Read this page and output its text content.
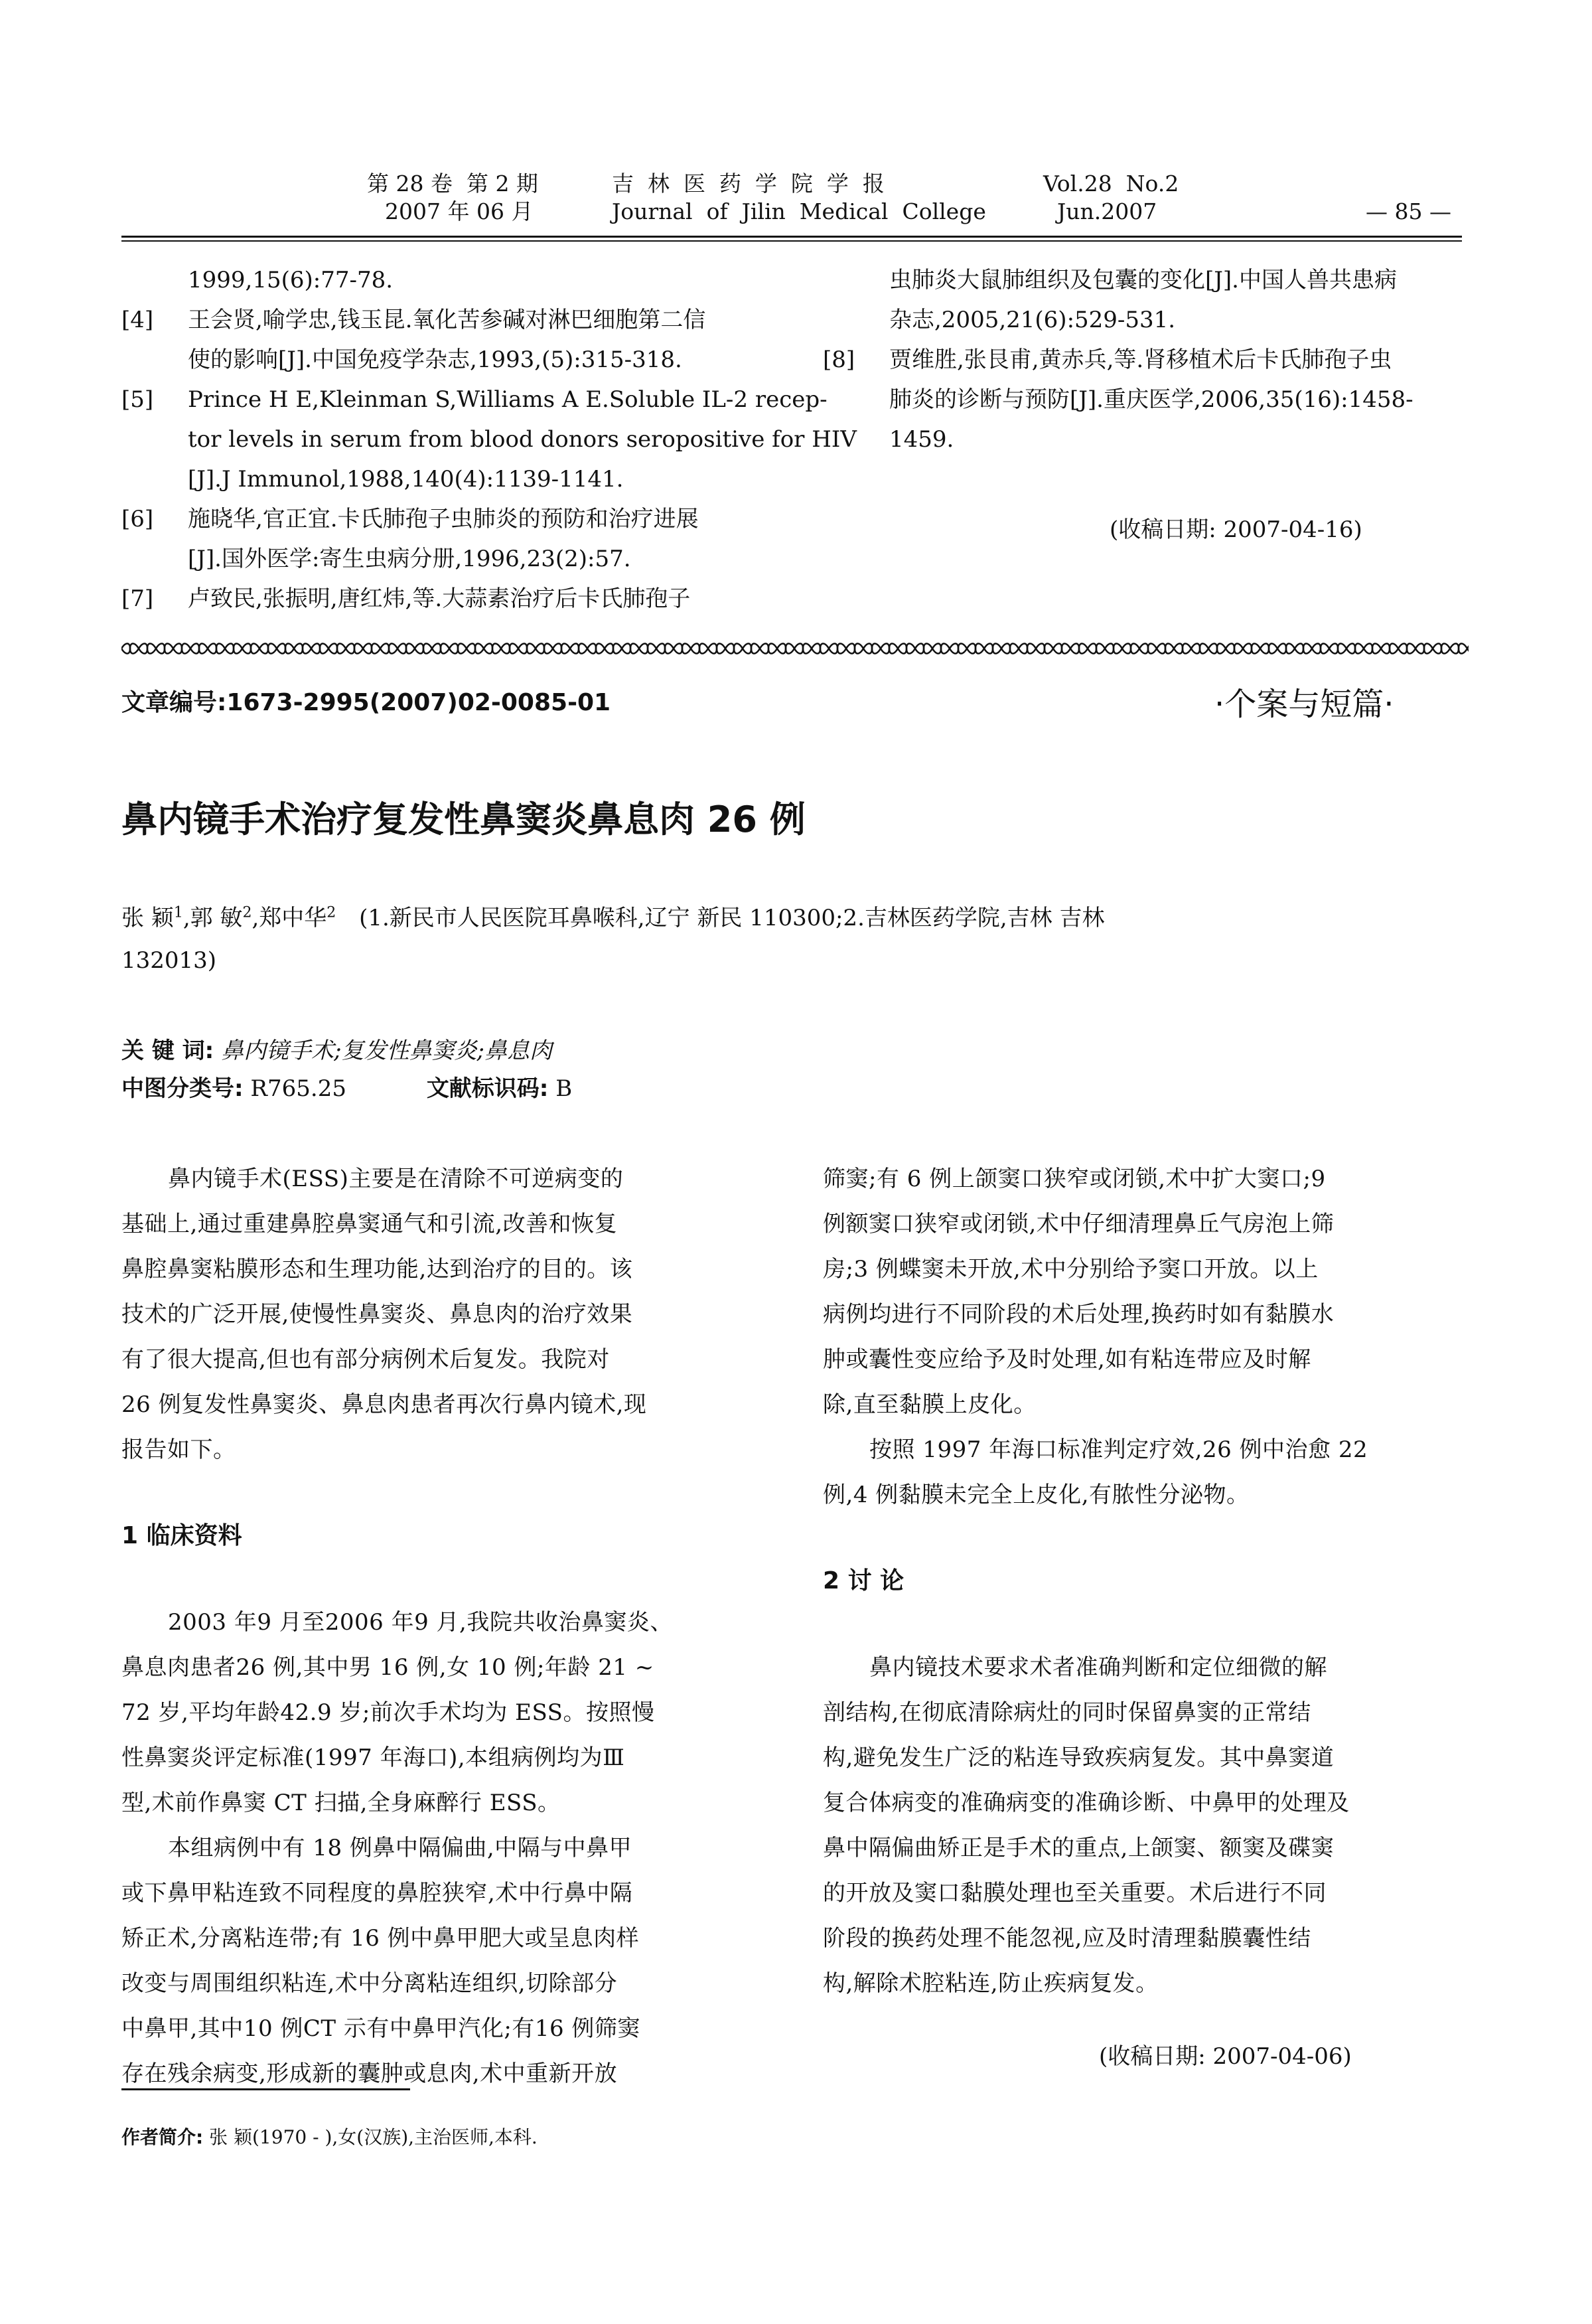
第 28 卷  第 2 期
2007 年 06 月
吉  林  医  药  学  院  学  报
Journal  of  Jilin  Medical  College
Vol.28  No.2
Jun.2007	— 85 —
1999,15(6):77-78.
[4] 王会贤,喻学忠,钱玉昆.氧化苦参碱对淋巴细胞第二信
使的影响[J].中国免疫学杂志,1993,(5):315-318.
[5] Prince H E,Kleinman S,Williams A E.Soluble IL-2 recep-
tor levels in serum from blood donors seropositive for HIV
[J].J Immunol,1988,140(4):1139-1141.
[6] 施晓华,官正宜.卡氏肺孢子虫肺炎的预防和治疗进展
[J].国外医学:寄生虫病分册,1996,23(2):57.
[7] 卢致民,张振明,唐红炜,等.大蒜素治疗后卡氏肺孢子
虫肺炎大鼠肺组织及包囊的变化[J].中国人兽共患病
杂志,2005,21(6):529-531.
[8] 贾维胜,张艮甫,黄赤兵,等.肾移植术后卡氏肺孢子虫
肺炎的诊断与预防[J].重庆医学,2006,35(16):1458-
1459.
(收稿日期: 2007-04-16)
文章编号:1673-2995(2007)02-0085-01	·个案与短篇·
鼻内镜手术治疗复发性鼻窦炎鼻息肉 26 例
张 颖$^1$,郭 敏$^2$,郑中华$^2$ (1.新民市人民医院耳鼻喉科,辽宁 新民 110300;2.吉林医药学院,吉林 吉林
132013)
关 键 词: 鼻内镜手术;复发性鼻窦炎;鼻息肉
中图分类号: R765.25	文献标识码: B
鼻内镜手术(ESS)主要是在清除不可逆病变的
基础上,通过重建鼻腔鼻窦通气和引流,改善和恢复
鼻腔鼻窦粘膜形态和生理功能,达到治疗的目的。该
技术的广泛开展,使慢性鼻窦炎、鼻息肉的治疗效果
有了很大提高,但也有部分病例术后复发。我院对
26 例复发性鼻窦炎、鼻息肉患者再次行鼻内镜术,现
报告如下。
1 临床资料
2003 年9 月至2006 年9 月,我院共收治鼻窦炎、
鼻息肉患者26 例,其中男 16 例,女 10 例;年龄 21 ~
72 岁,平均年龄42.9 岁;前次手术均为 ESS。按照慢
性鼻窦炎评定标准(1997 年海口),本组病例均为Ⅲ
型,术前作鼻窦 CT 扫描,全身麻醉行 ESS。
本组病例中有 18 例鼻中隔偏曲,中隔与中鼻甲
或下鼻甲粘连致不同程度的鼻腔狭窄,术中行鼻中隔
矫正术,分离粘连带;有 16 例中鼻甲肥大或呈息肉样
改变与周围组织粘连,术中分离粘连组织,切除部分
中鼻甲,其中10 例CT 示有中鼻甲汽化;有16 例筛窦
存在残余病变,形成新的囊肿或息肉,术中重新开放
筛窦;有 6 例上颌窦口狭窄或闭锁,术中扩大窦口;9
例额窦口狭窄或闭锁,术中仔细清理鼻丘气房泡上筛
房;3 例蝶窦未开放,术中分别给予窦口开放。以上
病例均进行不同阶段的术后处理,换药时如有黏膜水
肿或囊性变应给予及时处理,如有粘连带应及时解
除,直至黏膜上皮化。
按照 1997 年海口标准判定疗效,26 例中治愈 22
例,4 例黏膜未完全上皮化,有脓性分泌物。
2 讨 论
鼻内镜技术要求术者准确判断和定位细微的解
剖结构,在彻底清除病灶的同时保留鼻窦的正常结
构,避免发生广泛的粘连导致疾病复发。其中鼻窦道
复合体病变的准确病变的准确诊断、中鼻甲的处理及
鼻中隔偏曲矫正是手术的重点,上颌窦、额窦及碟窦
的开放及窦口黏膜处理也至关重要。术后进行不同
阶段的换药处理不能忽视,应及时清理黏膜囊性结
构,解除术腔粘连,防止疾病复发。
(收稿日期: 2007-04-06)
作者简介: 张 颖(1970 - ),女(汉族),主治医师,本科.
